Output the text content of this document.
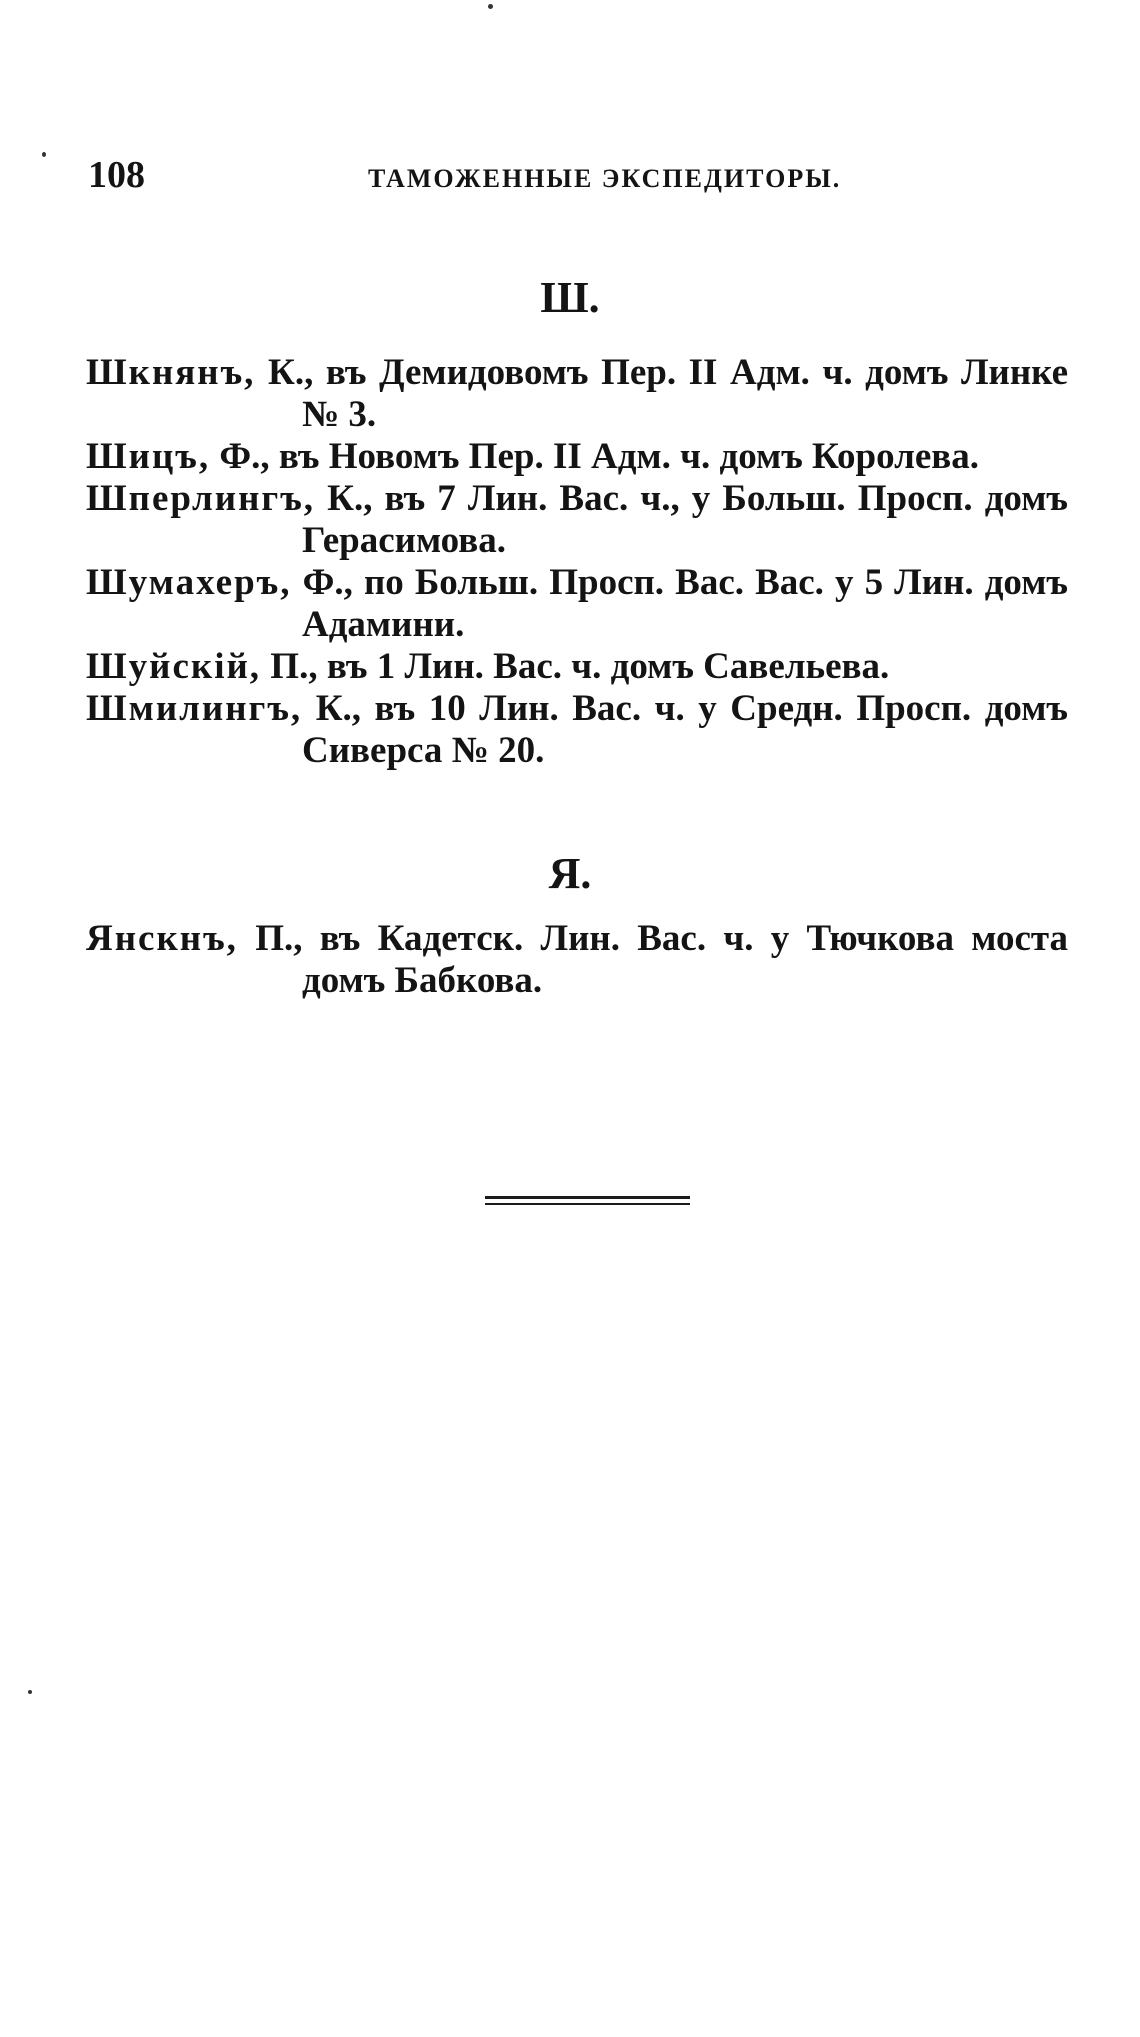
108	ТАМОЖЕННЫЕ ЭКСПЕДИТОРЫ.
Ш.

Шкнянъ, К., въ Демидовомъ Пер. II Адм. ч. домъ Линке № 3.

Шицъ, Ф., въ Новомъ Пер. II Адм. ч. домъ Королева.

Шперлингъ, К., въ 7 Лин. Вас. ч., у Больш. Просп. домъ Герасимова.

Шумахеръ, Ф., по Больш. Просп. Вас. Вас. у 5 Лин. домъ Адамини.

Шуйскій, П., въ 1 Лин. Вас. ч. домъ Савельева.

Шмилингъ, К., въ 10 Лин. Вас. ч. у Средн. Просп. домъ Сиверса № 20.

Я.

Янскнъ, П., въ Кадетск. Лин. Вас. ч. у Тючкова моста домъ Бабкова.
